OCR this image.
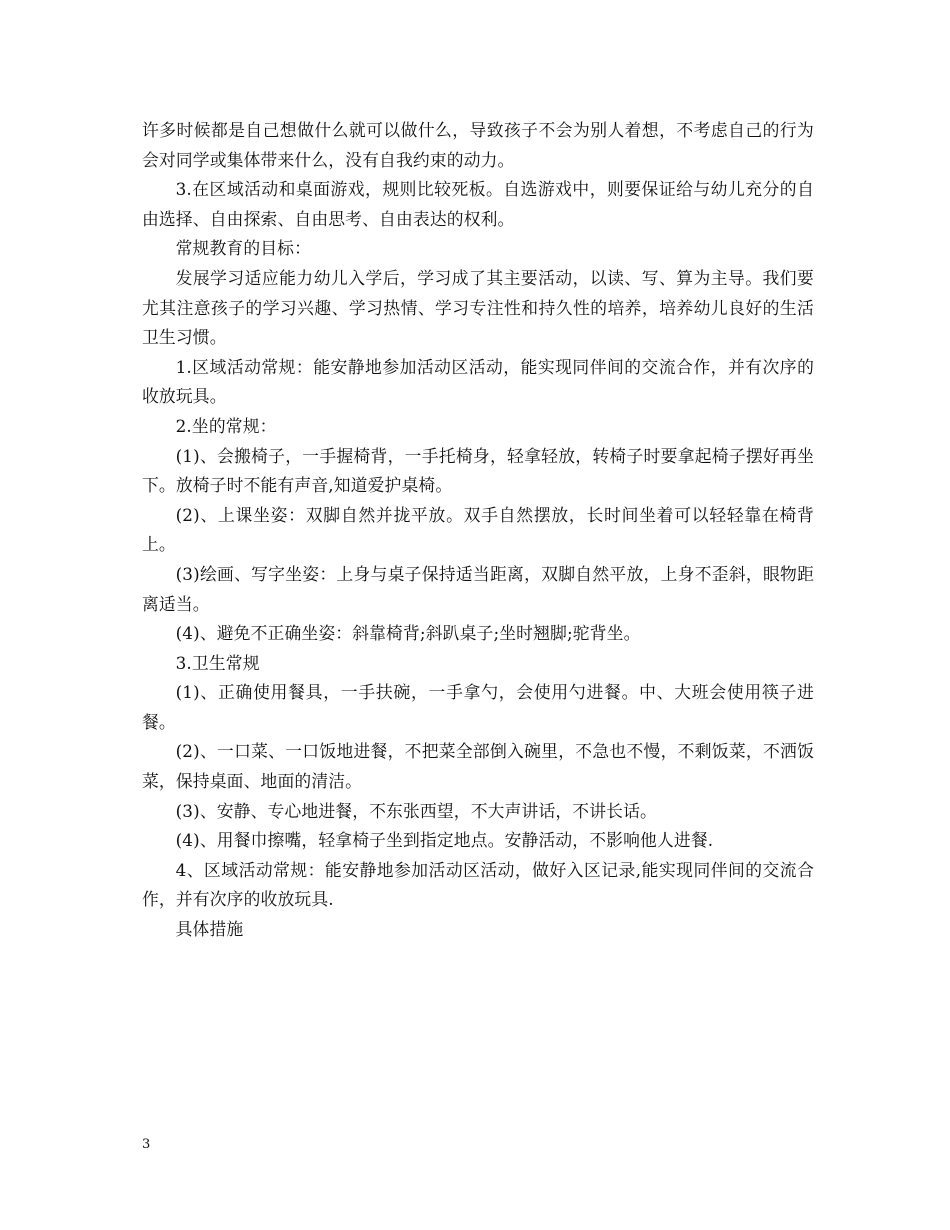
许多时候都是自己想做什么就可以做什么，导致孩子不会为别人着想，不考虑自己的行为会对同学或集体带来什么，没有自我约束的动力。

3.在区域活动和桌面游戏，规则比较死板。自选游戏中，则要保证给与幼儿充分的自由选择、自由探索、自由思考、自由表达的权利。

常规教育的目标：

发展学习适应能力幼儿入学后，学习成了其主要活动，以读、写、算为主导。我们要尤其注意孩子的学习兴趣、学习热情、学习专注性和持久性的培养，培养幼儿良好的生活卫生习惯。

1.区域活动常规：能安静地参加活动区活动，能实现同伴间的交流合作，并有次序的收放玩具。

2.坐的常规：

(1)、会搬椅子，一手握椅背，一手托椅身，轻拿轻放，转椅子时要拿起椅子摆好再坐下。放椅子时不能有声音,知道爱护桌椅。

(2)、上课坐姿：双脚自然并拢平放。双手自然摆放，长时间坐着可以轻轻靠在椅背上。

(3)绘画、写字坐姿：上身与桌子保持适当距离，双脚自然平放，上身不歪斜，眼物距离适当。

(4)、避免不正确坐姿：斜靠椅背;斜趴桌子;坐时翘脚;驼背坐。

3.卫生常规

(1)、正确使用餐具，一手扶碗，一手拿勺，会使用勺进餐。中、大班会使用筷子进餐。

(2)、一口菜、一口饭地进餐，不把菜全部倒入碗里，不急也不慢，不剩饭菜，不洒饭菜，保持桌面、地面的清洁。

(3)、安静、专心地进餐，不东张西望，不大声讲话，不讲长话。

(4)、用餐巾擦嘴，轻拿椅子坐到指定地点。安静活动，不影响他人进餐.

4、区域活动常规：能安静地参加活动区活动，做好入区记录,能实现同伴间的交流合作，并有次序的收放玩具.

具体措施

3
